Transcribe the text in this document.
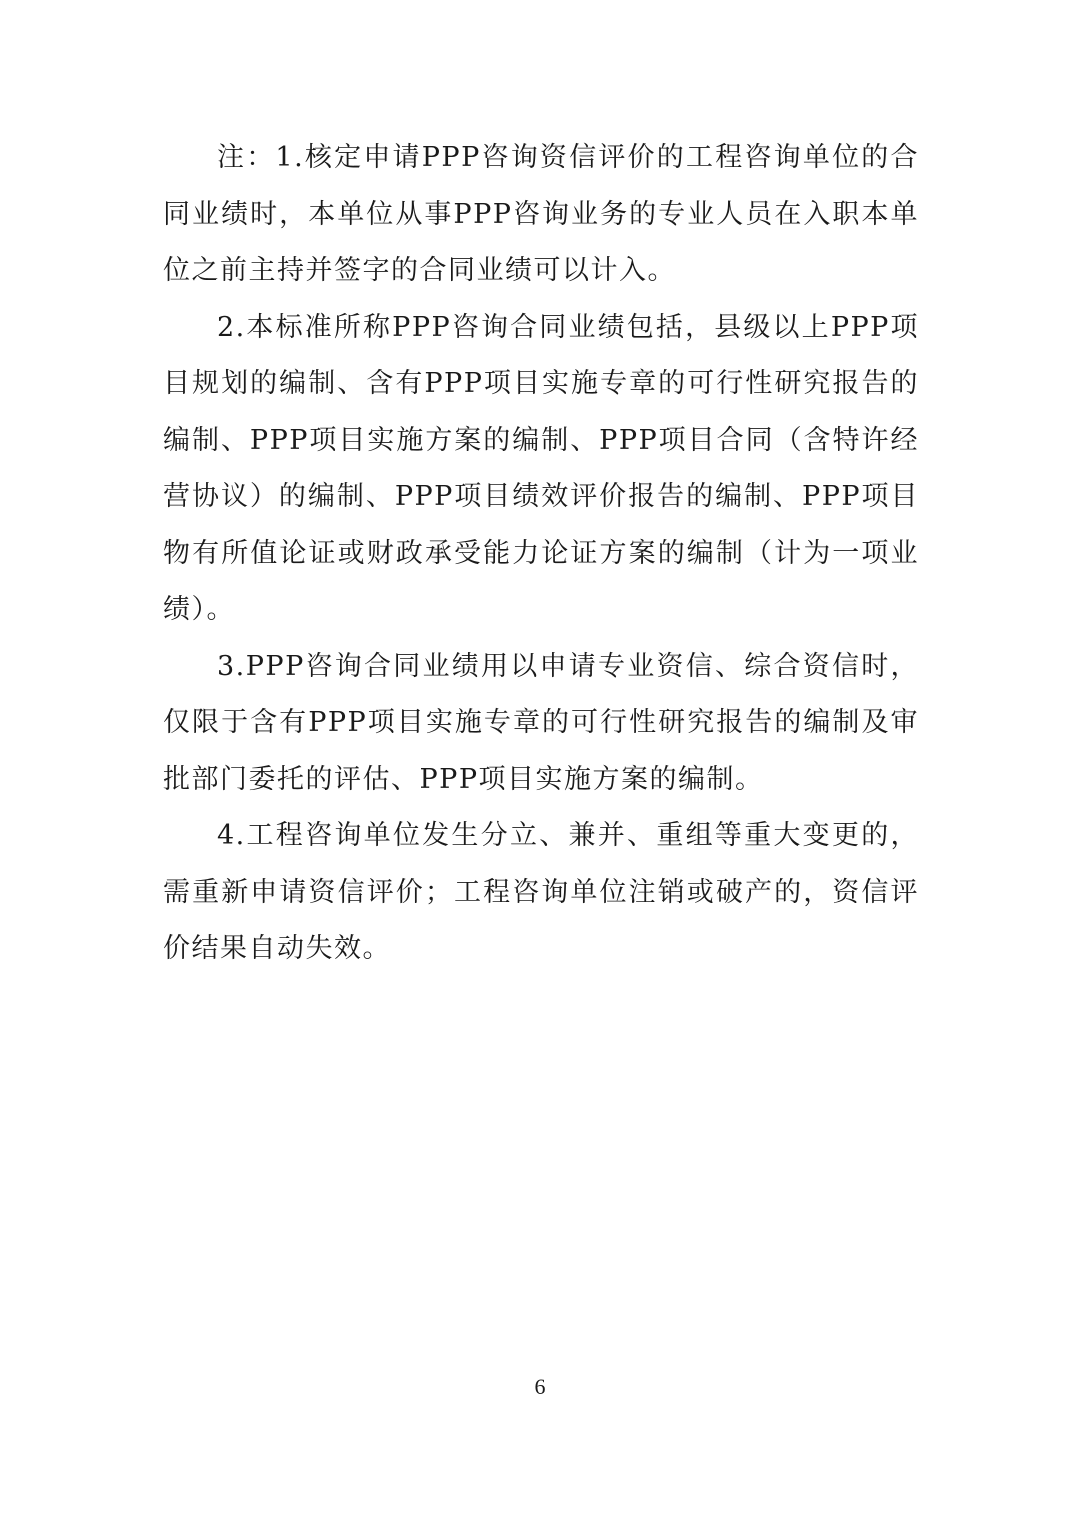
注：1.核定申请PPP咨询资信评价的工程咨询单位的合同业绩时，本单位从事PPP咨询业务的专业人员在入职本单位之前主持并签字的合同业绩可以计入。

2.本标准所称PPP咨询合同业绩包括，县级以上PPP项目规划的编制、含有PPP项目实施专章的可行性研究报告的编制、PPP项目实施方案的编制、PPP项目合同（含特许经营协议）的编制、PPP项目绩效评价报告的编制、PPP项目物有所值论证或财政承受能力论证方案的编制（计为一项业绩）。

3.PPP咨询合同业绩用以申请专业资信、综合资信时，仅限于含有PPP项目实施专章的可行性研究报告的编制及审批部门委托的评估、PPP项目实施方案的编制。

4.工程咨询单位发生分立、兼并、重组等重大变更的，需重新申请资信评价；工程咨询单位注销或破产的，资信评价结果自动失效。

6
